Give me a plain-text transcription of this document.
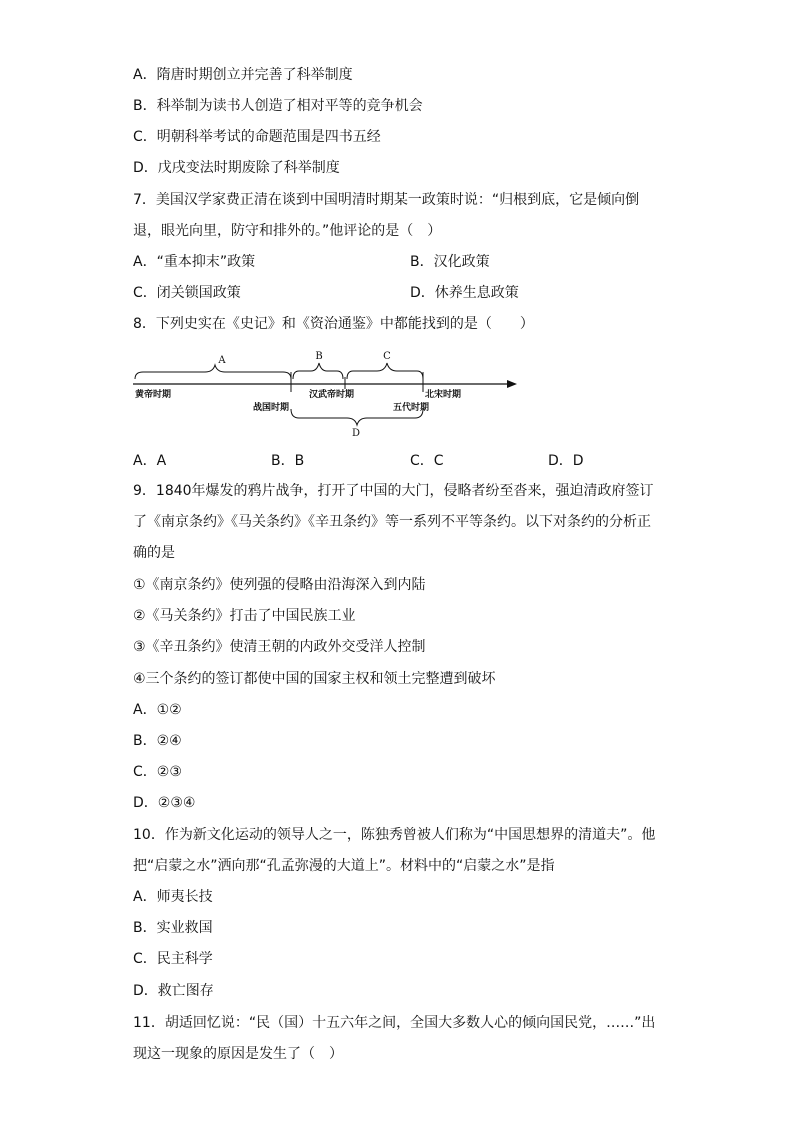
A．隋唐时期创立并完善了科举制度
B．科举制为读书人创造了相对平等的竞争机会
C．明朝科举考试的命题范围是四书五经
D．戊戌变法时期废除了科举制度
7．美国汉学家费正清在谈到中国明清时期某一政策时说：“归根到底，它是倾向倒
退，眼光向里，防守和排外的。”他评论的是（　）
A．“重本抑末”政策	B．汉化政策
C．闭关锁国政策	D．休养生息政策
8．下列史实在《史记》和《资治通鉴》中都能找到的是（　　）
A	B	C
D
黄帝时期
战国时期
汉武帝时期
五代时期
北宋时期
A．A	B．B	C．C	D．D
9．1840年爆发的鸦片战争，打开了中国的大门，侵略者纷至沓来，强迫清政府签订
了《南京条约》《马关条约》《辛丑条约》等一系列不平等条约。以下对条约的分析正
确的是
①《南京条约》使列强的侵略由沿海深入到内陆
②《马关条约》打击了中国民族工业
③《辛丑条约》使清王朝的内政外交受洋人控制
④三个条约的签订都使中国的国家主权和领土完整遭到破坏
A．①②
B．②④
C．②③
D．②③④
10．作为新文化运动的领导人之一，陈独秀曾被人们称为“中国思想界的清道夫”。他
把“启蒙之水”洒向那“孔孟弥漫的大道上”。材料中的“启蒙之水”是指
A．师夷长技
B．实业救国
C．民主科学
D．救亡图存
11．胡适回忆说：“民（国）十五六年之间，全国大多数人心的倾向国民党，……”出
现这一现象的原因是发生了（　）
